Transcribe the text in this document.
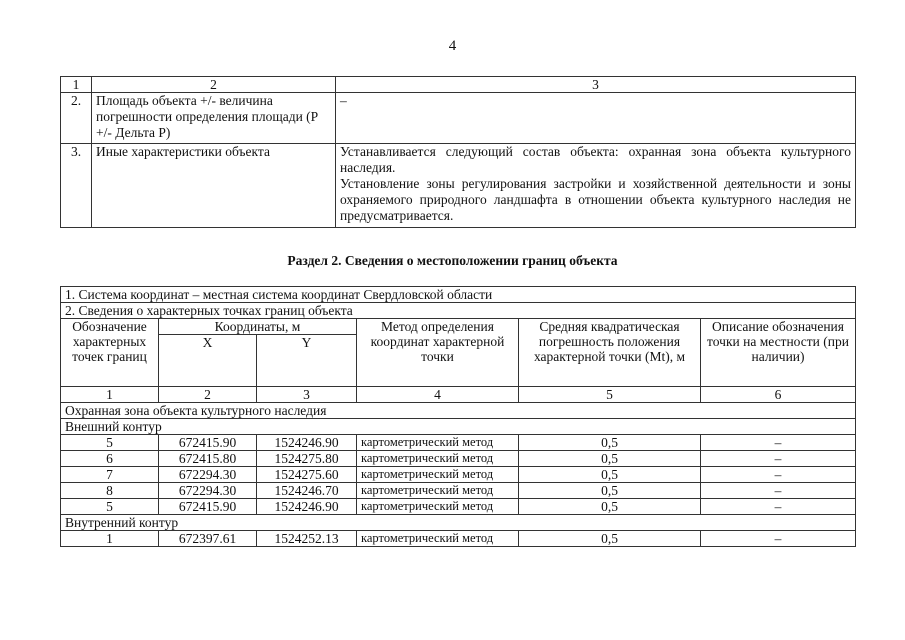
4
1	2	3
2.	Площадь объекта +/- величина погрешности определения площади (Р +/- Дельта Р)	–
3.	Иные характеристики объекта	Устанавливается следующий состав объекта: охранная зона объекта культурного наследия.
Установление зоны регулирования застройки и хозяйственной деятельности и зоны охраняемого природного ландшафта в отношении объекта культурного наследия не предусматривается.
Раздел 2. Сведения о местоположении границ объекта
1. Система координат – местная система координат Свердловской области					
2. Сведения о характерных точках границ объекта					
Обозначение характерных точек границ	Координаты, м		Метод определения координат характерной точки	Средняя квадратическая погрешность положения характерной точки (Mt), м	Описание обозначения точки на местности (при наличии)
	X	Y			
1	2	3	4	5	6
Охранная зона объекта культурного наследия					
Внешний контур					
5	672415.90	1524246.90	картометрический метод	0,5	–
6	672415.80	1524275.80	картометрический метод	0,5	–
7	672294.30	1524275.60	картометрический метод	0,5	–
8	672294.30	1524246.70	картометрический метод	0,5	–
5	672415.90	1524246.90	картометрический метод	0,5	–
Внутренний контур					
1	672397.61	1524252.13	картометрический метод	0,5	–
